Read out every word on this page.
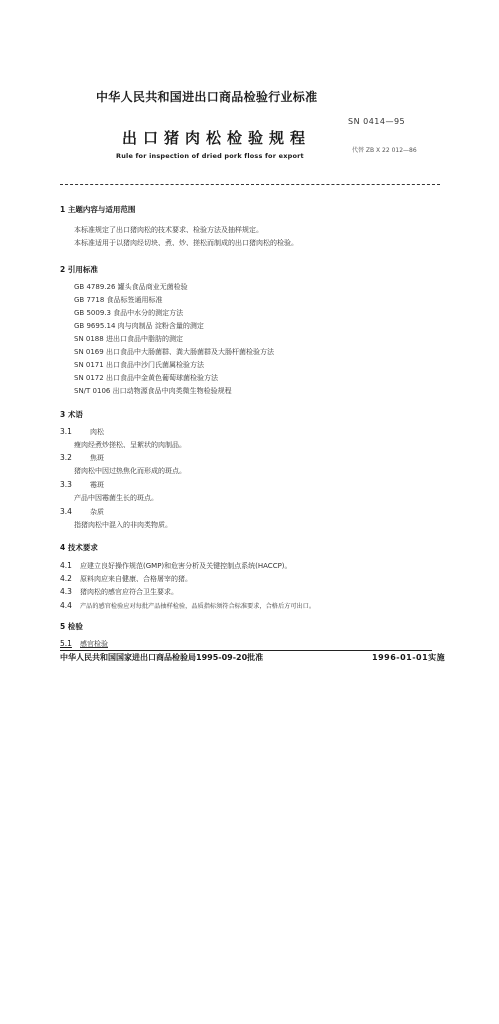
中华人民共和国进出口商品检验行业标准
SN 0414—95
出口猪肉松检验规程
代替 ZB X 22 012—86
Rule for inspection of dried pork floss for export
1 主题内容与适用范围
本标准规定了出口猪肉松的技术要求、检验方法及抽样规定。
本标准适用于以猪肉经切块、煮、炒、搓松而制成的出口猪肉松的检验。
2 引用标准
GB 4789.26 罐头食品商业无菌检验
GB 7718 食品标签通用标准
GB 5009.3 食品中水分的测定方法
GB 9695.14 肉与肉制品 淀粉含量的测定
SN 0188 进出口食品中脂肪的测定
SN 0169 出口食品中大肠菌群、粪大肠菌群及大肠杆菌检验方法
SN 0171 出口食品中沙门氏菌属检验方法
SN 0172 出口食品中金黄色葡萄球菌检验方法
SN/T 0106 出口动物源食品中肉类微生物检验规程
3 术语
3.1	肉松
瘦肉经煮炒搓松、呈絮状的肉制品。
3.2	焦斑
猪肉松中因过热焦化而形成的斑点。
3.3	霉斑
产品中因霉菌生长的斑点。
3.4	杂质
指猪肉松中混入的非肉类物质。
4 技术要求
4.1 应建立良好操作规范(GMP)和危害分析及关键控制点系统(HACCP)。
4.2 原料肉应来自健康、合格屠宰的猪。
4.3 猪肉松的感官应符合卫生要求。
4.4 产品的感官检验应对每批产品抽样检验，品质指标须符合标准要求，合格后方可出口。
5 检验
5.1 感官检验
中华人民共和国国家进出口商品检验局1995-09-20批准	1996-01-01实施
